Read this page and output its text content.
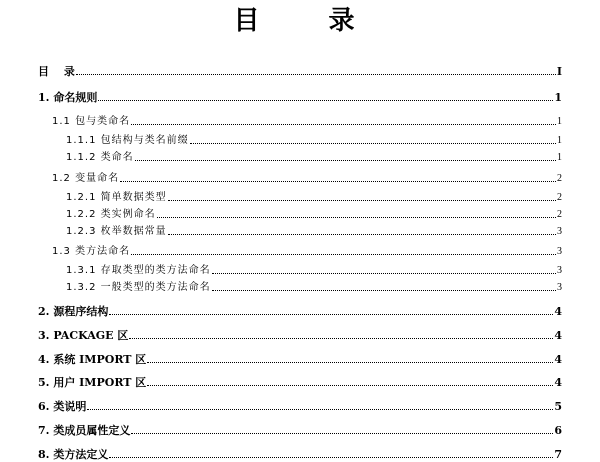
目 录
目　 录	I
1. 命名规则	1
1.1 包与类命名	1
1.1.1 包结构与类名前缀	1
1.1.2 类命名	1
1.2 变量命名	2
1.2.1 简单数据类型	2
1.2.2 类实例命名	2
1.2.3 枚举数据常量	3
1.3 类方法命名	3
1.3.1 存取类型的类方法命名	3
1.3.2 一般类型的类方法命名	3
2. 源程序结构	4
3. PACKAGE 区	4
4. 系统 IMPORT 区	4
5. 用户 IMPORT 区	4
6. 类说明	5
7. 类成员属性定义	6
8. 类方法定义	7
